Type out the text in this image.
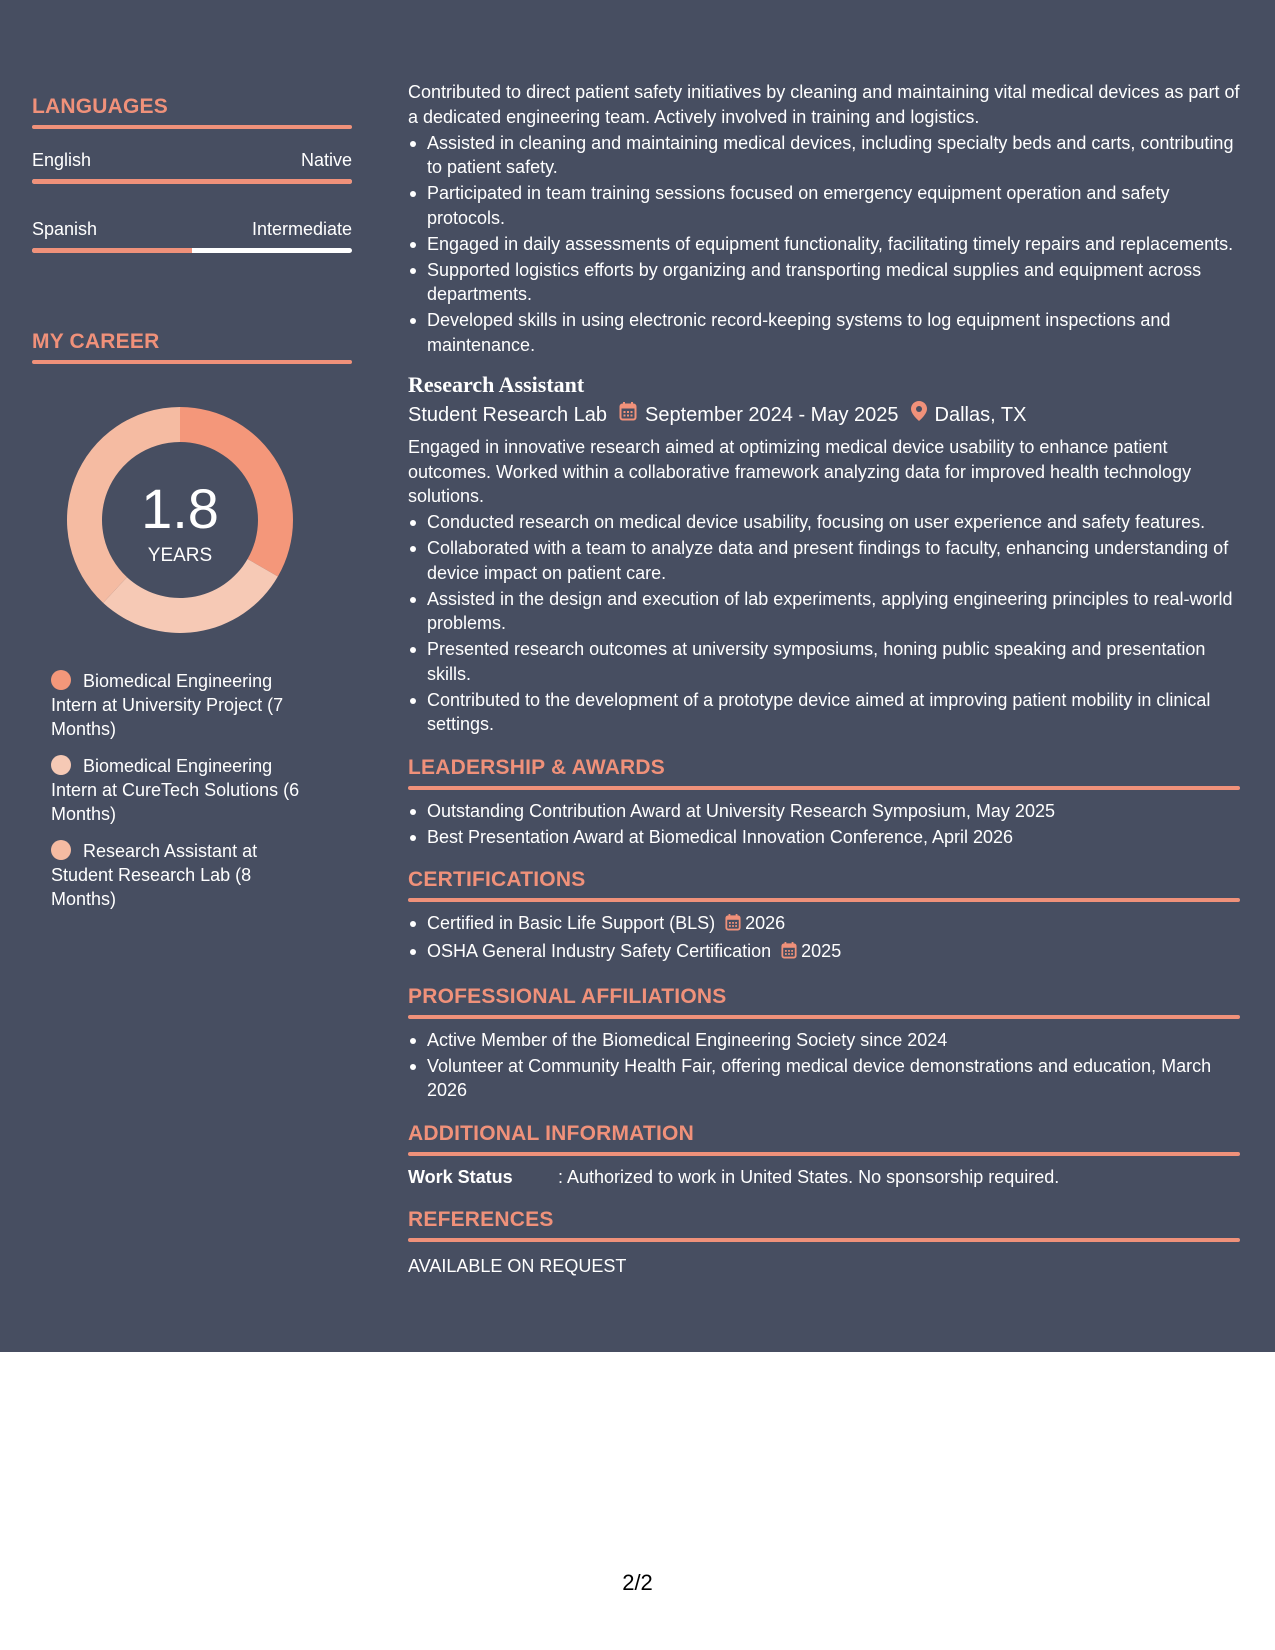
LANGUAGES
English	Native
Spanish	Intermediate
MY CAREER
1.8
YEARS
Biomedical Engineering Intern at University Project (7 Months)
Biomedical Engineering Intern at CureTech Solutions (6 Months)
Research Assistant at Student Research Lab (8 Months)

Contributed to direct patient safety initiatives by cleaning and maintaining vital medical devices as part of a dedicated engineering team. Actively involved in training and logistics.

Assisted in cleaning and maintaining medical devices, including specialty beds and carts, contributing to patient safety.
Participated in team training sessions focused on emergency equipment operation and safety protocols.
Engaged in daily assessments of equipment functionality, facilitating timely repairs and replacements.
Supported logistics efforts by organizing and transporting medical supplies and equipment across departments.
Developed skills in using electronic record-keeping systems to log equipment inspections and maintenance.
Research Assistant
Student Research Lab September 2024 - May 2025 Dallas, TX

Engaged in innovative research aimed at optimizing medical device usability to enhance patient outcomes. Worked within a collaborative framework analyzing data for improved health technology solutions.

Conducted research on medical device usability, focusing on user experience and safety features.
Collaborated with a team to analyze data and present findings to faculty, enhancing understanding of device impact on patient care.
Assisted in the design and execution of lab experiments, applying engineering principles to real-world problems.
Presented research outcomes at university symposiums, honing public speaking and presentation skills.
Contributed to the development of a prototype device aimed at improving patient mobility in clinical settings.
LEADERSHIP & AWARDS
Outstanding Contribution Award at University Research Symposium, May 2025
Best Presentation Award at Biomedical Innovation Conference, April 2026
CERTIFICATIONS
Certified in Basic Life Support (BLS) 2026
OSHA General Industry Safety Certification 2025
PROFESSIONAL AFFILIATIONS
Active Member of the Biomedical Engineering Society since 2024
Volunteer at Community Health Fair, offering medical device demonstrations and education, March 2026
ADDITIONAL INFORMATION
Work Status	: Authorized to work in United States. No sponsorship required.
REFERENCES
AVAILABLE ON REQUEST
2/2
